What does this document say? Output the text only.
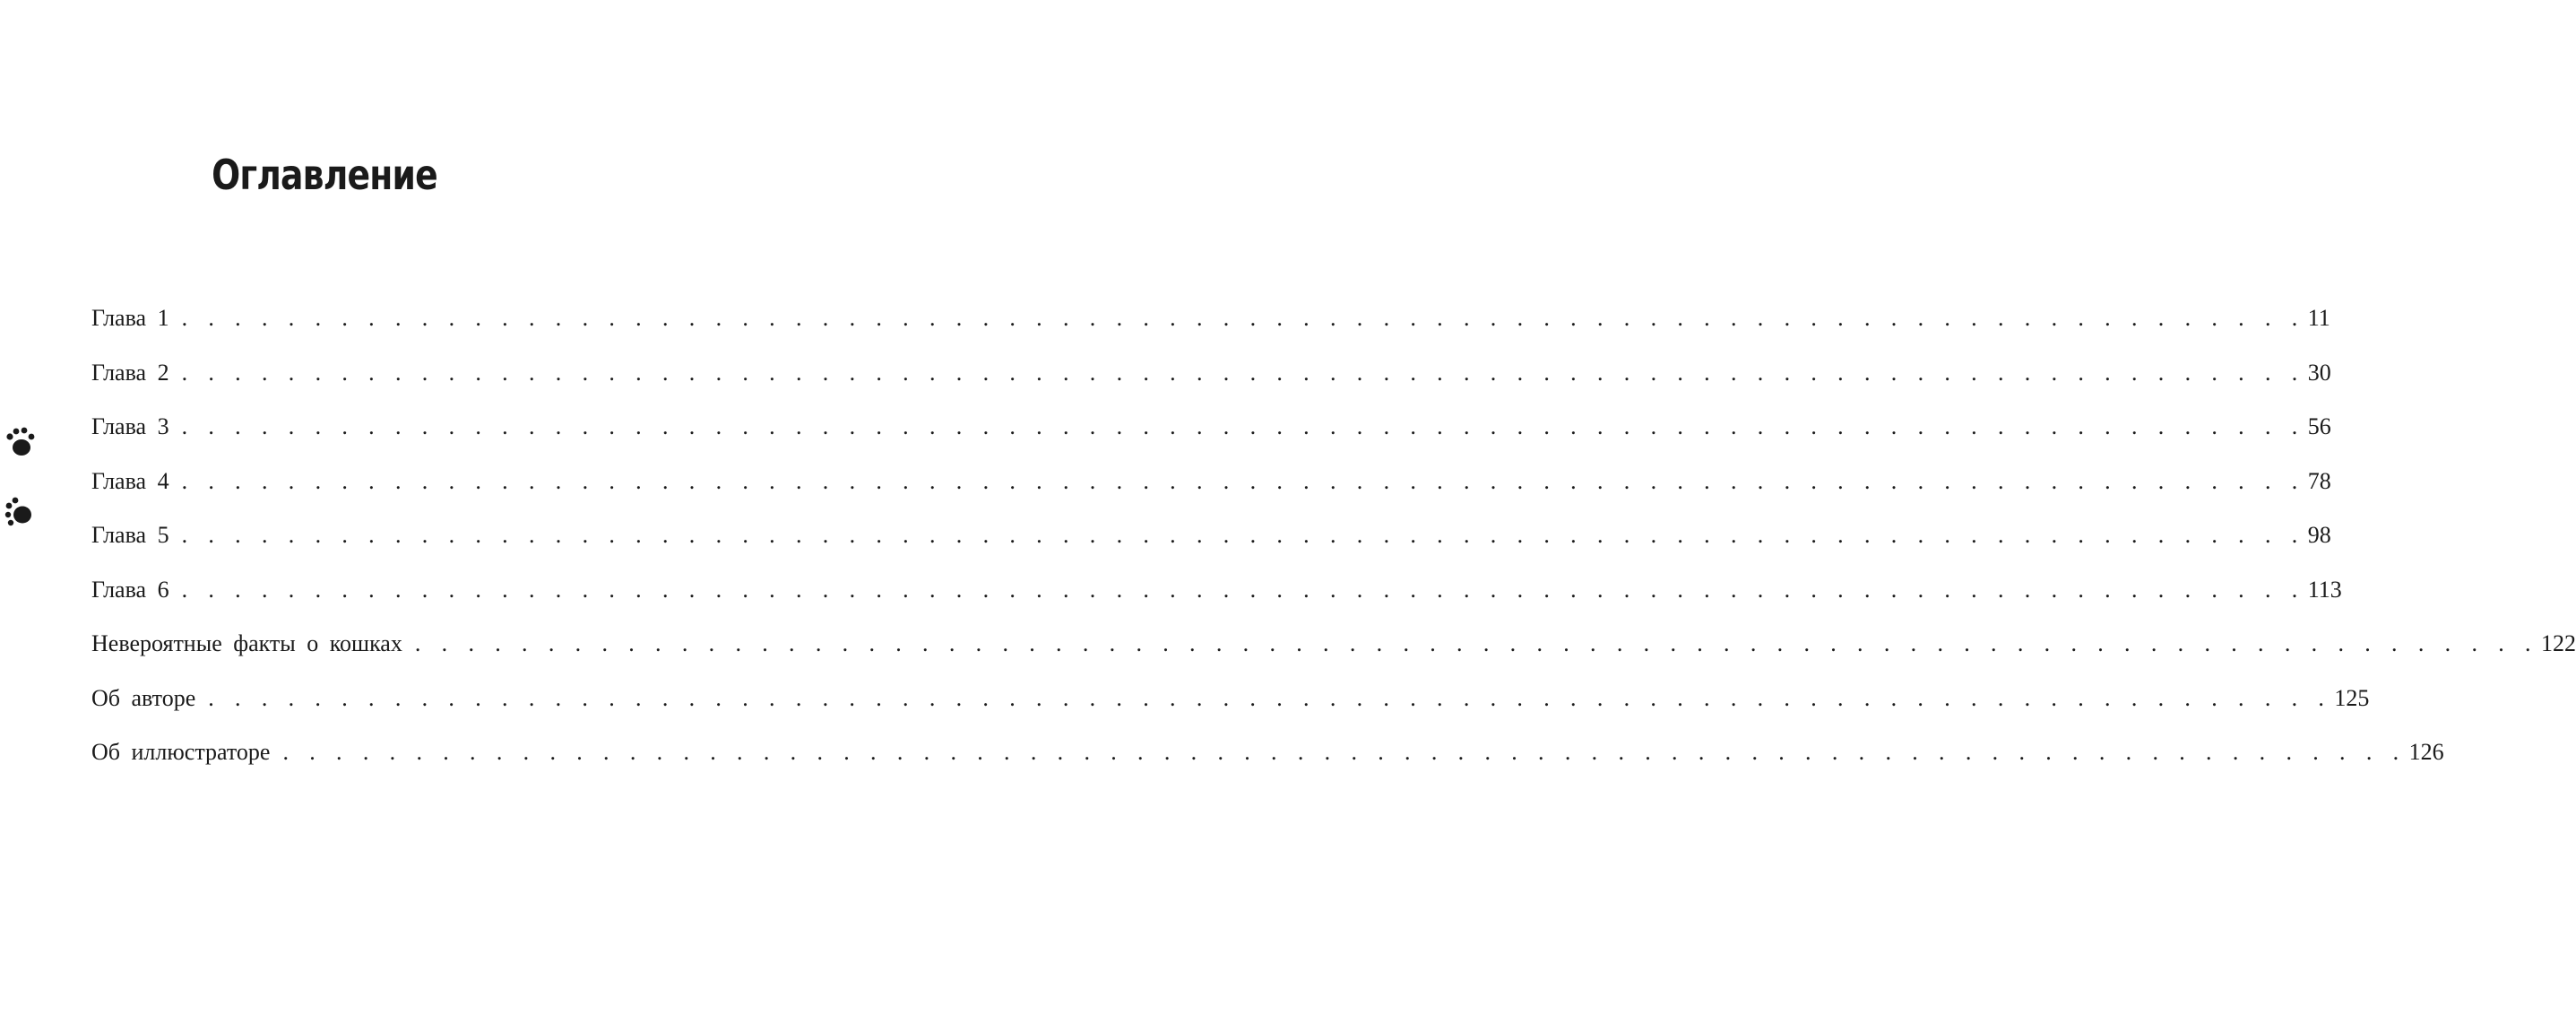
Оглавление
Глава 1 . . . . . . . . . . . . . . . . . . . . . . . . . . . . . . . . . . . . . . . . . . . . . . . . . . . . . . . . . . . . . . . . . . . . . . . . . . . . . . . . 11
Глава 2 . . . . . . . . . . . . . . . . . . . . . . . . . . . . . . . . . . . . . . . . . . . . . . . . . . . . . . . . . . . . . . . . . . . . . . . . . . . . . . . . 30
Глава 3 . . . . . . . . . . . . . . . . . . . . . . . . . . . . . . . . . . . . . . . . . . . . . . . . . . . . . . . . . . . . . . . . . . . . . . . . . . . . . . . . 56
Глава 4 . . . . . . . . . . . . . . . . . . . . . . . . . . . . . . . . . . . . . . . . . . . . . . . . . . . . . . . . . . . . . . . . . . . . . . . . . . . . . . . . 78
Глава 5 . . . . . . . . . . . . . . . . . . . . . . . . . . . . . . . . . . . . . . . . . . . . . . . . . . . . . . . . . . . . . . . . . . . . . . . . . . . . . . . . 98
Глава 6 . . . . . . . . . . . . . . . . . . . . . . . . . . . . . . . . . . . . . . . . . . . . . . . . . . . . . . . . . . . . . . . . . . . . . . . . . . . . . . . . 113
Невероятные факты о кошках . . . . . . . . . . . . . . . . . . . . . . . . . . . . . . . . . . . . . . . . . . . . . . . . . . . . . . . . . . . . . . . . . . . . . . . . . . . . . . . . 122
Об авторе . . . . . . . . . . . . . . . . . . . . . . . . . . . . . . . . . . . . . . . . . . . . . . . . . . . . . . . . . . . . . . . . . . . . . . . . . . . . . . . . 125
Об иллюстраторе . . . . . . . . . . . . . . . . . . . . . . . . . . . . . . . . . . . . . . . . . . . . . . . . . . . . . . . . . . . . . . . . . . . . . . . . . . . . . . . . 126
